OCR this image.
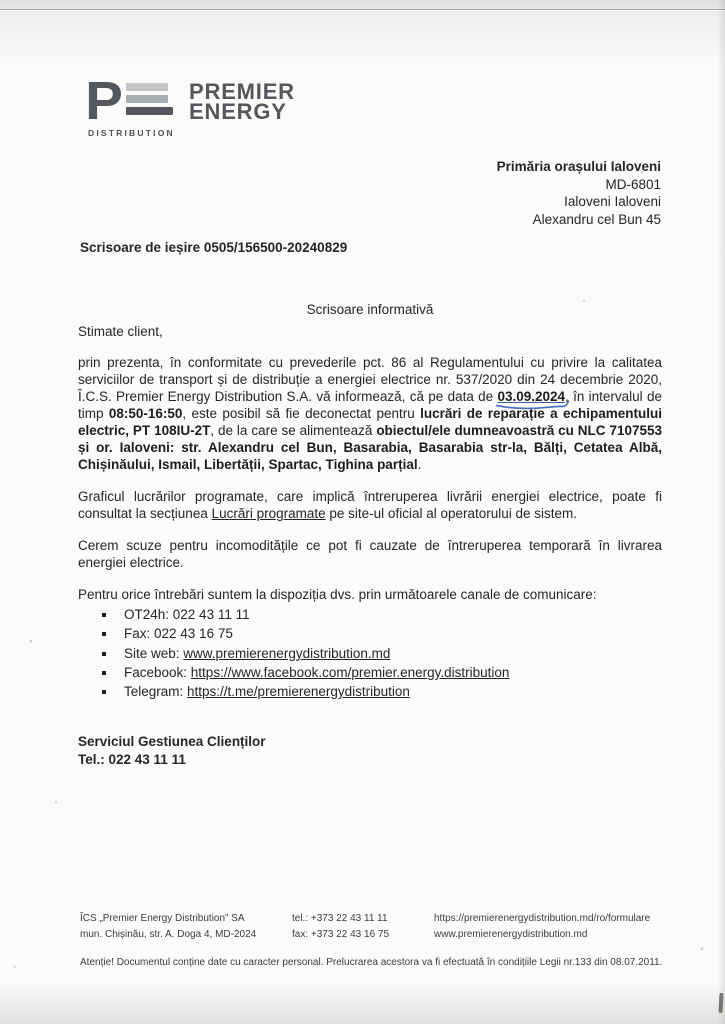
P
DISTRIBUTION
PREMIER
ENERGY
Primăria orașului Ialoveni
MD-6801
Ialoveni Ialoveni
Alexandru cel Bun 45
Scrisoare de ieșire 0505/156500-20240829
Scrisoare informativă
Stimate client,

prin prezenta, în conformitate cu prevederile pct. 86 al Regulamentului cu privire la calitatea serviciilor de transport și de distribuție a energiei electrice nr. 537/2020 din 24 decembrie 2020, Î.C.S. Premier Energy Distribution S.A. vă informează, că pe data de 03.09.2024
, în intervalul de timp 08:50-16:50, este posibil să fie deconectat pentru lucrări de reparație a echipamentului electric, PT 108IU-2T, de la care se alimentează obiectul/ele dumneavoastră cu NLC 7107553 și or. Ialoveni: str. Alexandru cel Bun, Basarabia, Basarabia str-la, Bălți, Cetatea Albă, Chișinăului, Ismail, Libertății, Spartac, Tighina parțial.

Graficul lucrărilor programate, care implică întreruperea livrării energiei electrice, poate fi consultat la secțiunea Lucrări programate pe site-ul oficial al operatorului de sistem.

Cerem scuze pentru incomoditățile ce pot fi cauzate de întreruperea temporară în livrarea energiei electrice.

Pentru orice întrebări suntem la dispoziția dvs. prin următoarele canale de comunicare:
OT24h: 022 43 11 11
Fax: 022 43 16 75
Site web: www.premierenergydistribution.md
Facebook: https://www.facebook.com/premier.energy.distribution
Telegram: https://t.me/premierenergydistribution
Serviciul Gestiunea Clienților
Tel.: 022 43 11 11
ÎCS „Premier Energy Distribution” SA
mun. Chișinău, str. A. Doga 4, MD-2024
tel.: +373 22 43 11 11
fax: +373 22 43 16 75
https://premierenergydistribution.md/ro/formulare
www.premierenergydistribution.md
Atenție! Documentul conține date cu caracter personal. Prelucrarea acestora va fi efectuată în condițiile Legii nr.133 din 08.07.2011.
